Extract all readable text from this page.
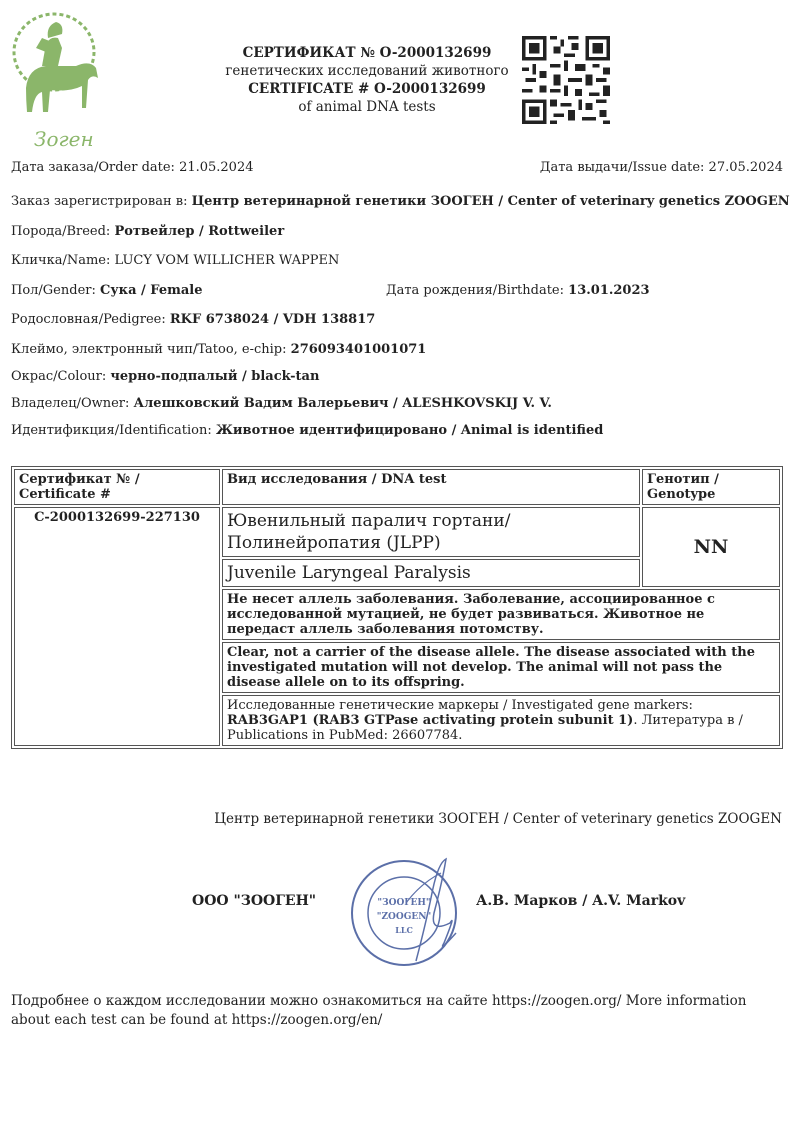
Зоген
СЕРТИФИКАТ № O-2000132699
генетических исследований животного
CERTIFICATE # O-2000132699
of animal DNA tests
Дата заказа/Order date: 21.05.2024	Дата выдачи/Issue date: 27.05.2024
Заказ зарегистрирован в: Центр ветеринарной генетики ЗООГЕН / Center of veterinary genetics ZOOGEN
Порода/Breed: Ротвейлер / Rottweiler
Кличка/Name: LUCY VOM WILLICHER WAPPEN
Пол/Gender: Сука / Female	Дата рождения/Birthdate: 13.01.2023
Родословная/Pedigree: RKF 6738024 / VDH 138817
Клеймо, электронный чип/Tatoo, e-chip: 276093401001071
Окрас/Colour: черно-подпалый / black-tan
Владелец/Owner: Алешковский Вадим Валерьевич / ALESHKOVSKIJ V. V.
Идентификция/Identification: Животное идентифицировано / Animal is identified
Сертификат № / Certificate #	Вид исследования / DNA test	Генотип / Genotype
C-2000132699-227130	Ювенильный паралич гортани/ Полинейропатия (JLPP)	NN
	Juvenile Laryngeal Paralysis	
	Не несет аллель заболевания. Заболевание, ассоциированное с исследованной мутацией, не будет развиваться. Животное не передаст аллель заболевания потомству.	
	Clear, not a carrier of the disease allele. The disease associated with the investigated mutation will not develop. The animal will not pass the disease allele on to its offspring.	
	Исследованные генетические маркеры / Investigated gene markers: RAB3GAP1 (RAB3 GTPase activating protein subunit 1). Литература в / Publications in PubMed: 26607784.	
Центр ветеринарной генетики ЗООГЕН / Center of veterinary genetics ZOOGEN
ООО "ЗООГЕН"	"ЗООГЕН"
"ZOOGEN"
LLC
А.В. Марков / A.V. Markov
Подробнее о каждом исследовании можно ознакомиться на сайте https://zoogen.org/ More information about each test can be found at https://zoogen.org/en/
